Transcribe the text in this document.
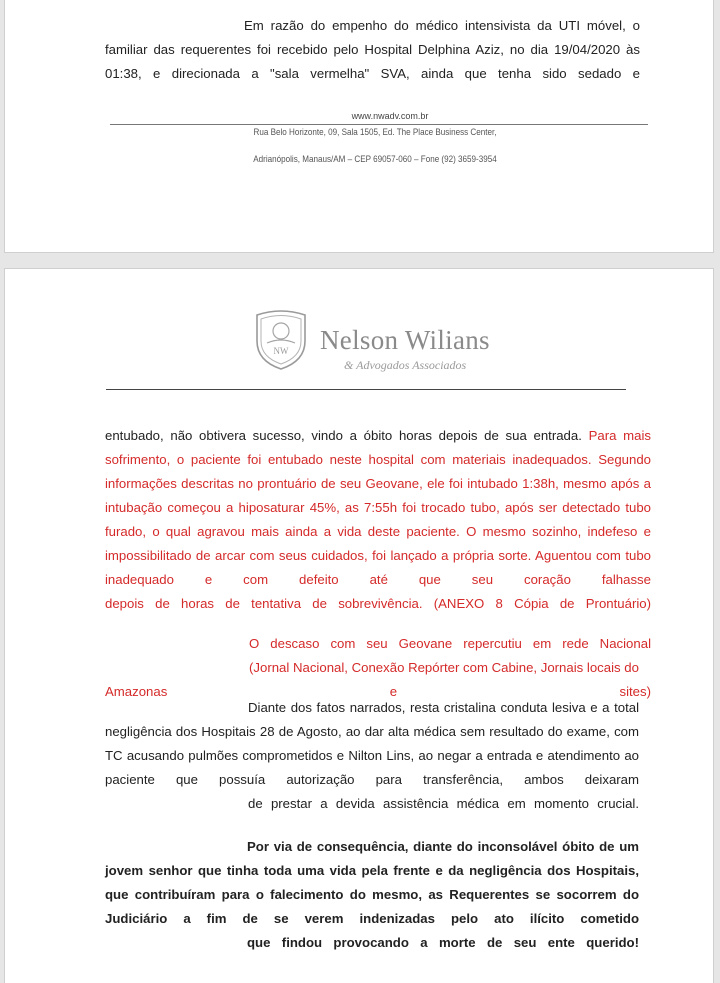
Em razão do empenho do médico intensivista da UTI móvel, o familiar das requerentes foi recebido pelo Hospital Delphina Aziz, no dia 19/04/2020 às 01:38, e direcionada a "sala vermelha" SVA, ainda que tenha sido sedado e

www.nwadv.com.br
Rua Belo Horizonte, 09, Sala 1505, Ed. The Place Business Center,
Adrianópolis, Manaus/AM – CEP 69057-060 – Fone (92) 3659-3954
NW Nelson Wilians
& Advogados Associados

entubado, não obtivera sucesso, vindo a óbito horas depois de sua entrada. Para mais sofrimento, o paciente foi entubado neste hospital com materiais inadequados. Segundo informações descritas no prontuário de seu Geovane, ele foi intubado 1:38h, mesmo após a intubação começou a hiposaturar 45%, as 7:55h foi trocado tubo, após ser detectado tubo furado, o qual agravou mais ainda a vida deste paciente. O mesmo sozinho, indefeso e impossibilitado de arcar com seus cuidados, foi lançado a própria sorte. Aguentou com tubo inadequado e com defeito até que seu coração falhasse
depois de horas de tentativa de sobrevivência. (ANEXO 8 Cópia de Prontuário)

O descaso com seu Geovane repercutiu em rede Nacional
(Jornal Nacional, Conexão Repórter com Cabine, Jornais locais do Amazonas e sites)

Diante dos fatos narrados, resta cristalina conduta lesiva e a total negligência dos Hospitais 28 de Agosto, ao dar alta médica sem resultado do exame, com TC acusando pulmões comprometidos e Nilton Lins, ao negar a entrada e atendimento ao paciente que possuía autorização para transferência, ambos deixaram
de prestar a devida assistência médica em momento crucial.

Por via de consequência, diante do inconsolável óbito de um jovem senhor que tinha toda uma vida pela frente e da negligência dos Hospitais, que contribuíram para o falecimento do mesmo, as Requerentes se socorrem do Judiciário a fim de se verem indenizadas pelo ato ilícito cometido
que findou provocando a morte de seu ente querido!
